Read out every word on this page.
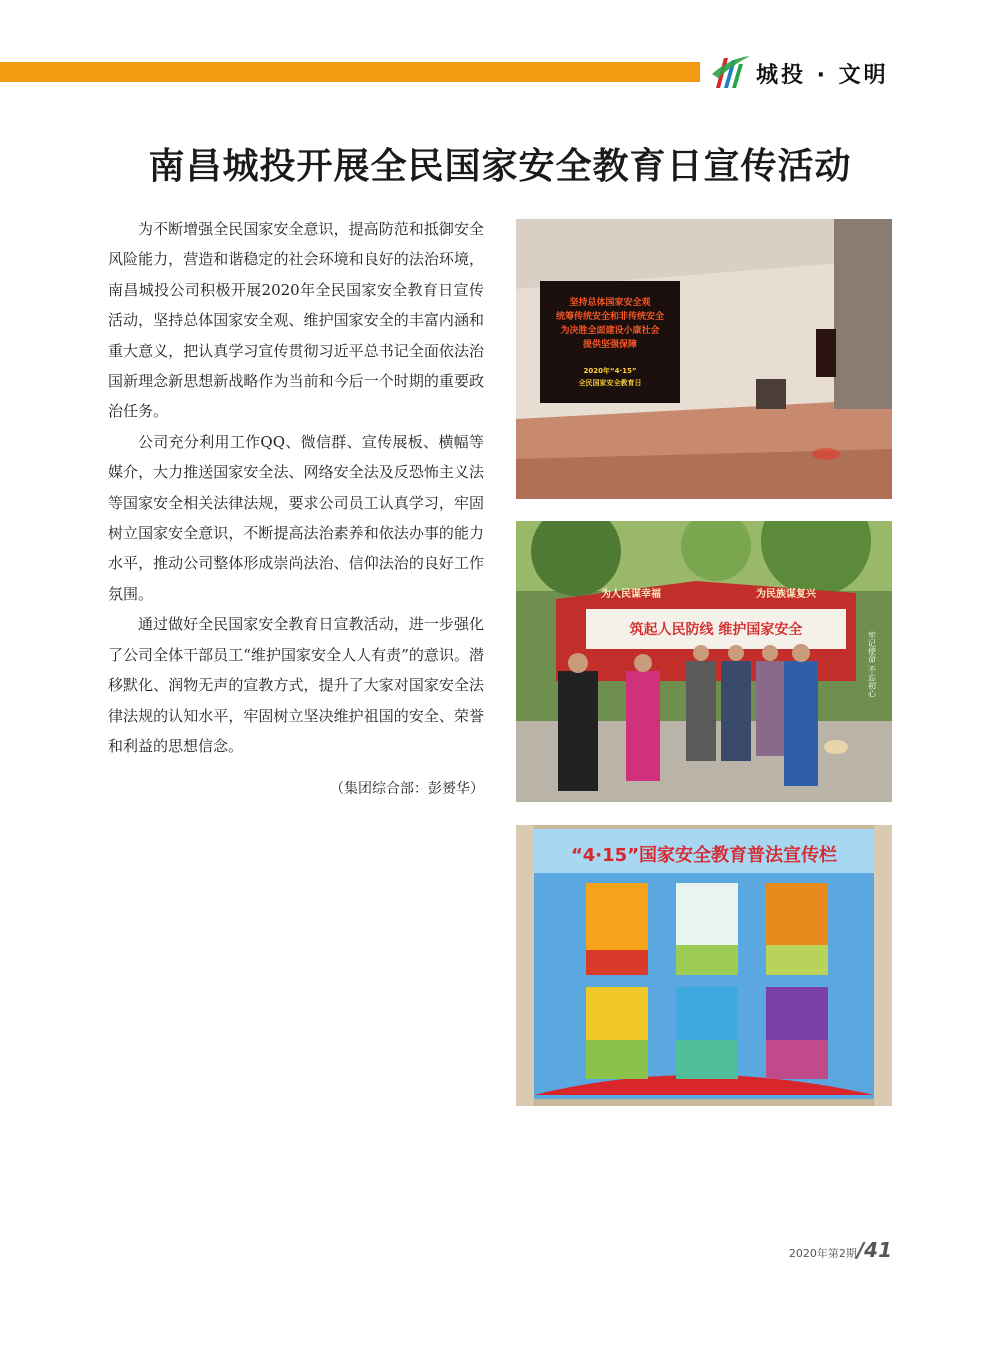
城投 · 文明
南昌城投开展全民国家安全教育日宣传活动

为不断增强全民国家安全意识，提高防范和抵御安全风险能力，营造和谐稳定的社会环境和良好的法治环境，南昌城投公司积极开展2020年全民国家安全教育日宣传活动，坚持总体国家安全观、维护国家安全的丰富内涵和重大意义，把认真学习宣传贯彻习近平总书记全面依法治国新理念新思想新战略作为当前和今后一个时期的重要政治任务。

公司充分利用工作QQ、微信群、宣传展板、横幅等媒介，大力推送国家安全法、网络安全法及反恐怖主义法等国家安全相关法律法规，要求公司员工认真学习，牢固树立国家安全意识，不断提高法治素养和依法办事的能力水平，推动公司整体形成崇尚法治、信仰法治的良好工作氛围。

通过做好全民国家安全教育日宣教活动，进一步强化了公司全体干部员工“维护国家安全人人有责”的意识。潜移默化、润物无声的宣教方式，提升了大家对国家安全法律法规的认知水平，牢固树立坚决维护祖国的安全、荣誉和利益的思想信念。

（集团综合部：彭赟华）
坚持总体国家安全观
统筹传统安全和非传统安全
为决胜全面建设小康社会
提供坚强保障
2020年“4·15”
全民国家安全教育日
为人民谋幸福	为民族谋复兴
筑起人民防线 维护国家安全
牢记使命 不忘初心
“4·15”国家安全教育普法宣传栏
2020年第2期/41
